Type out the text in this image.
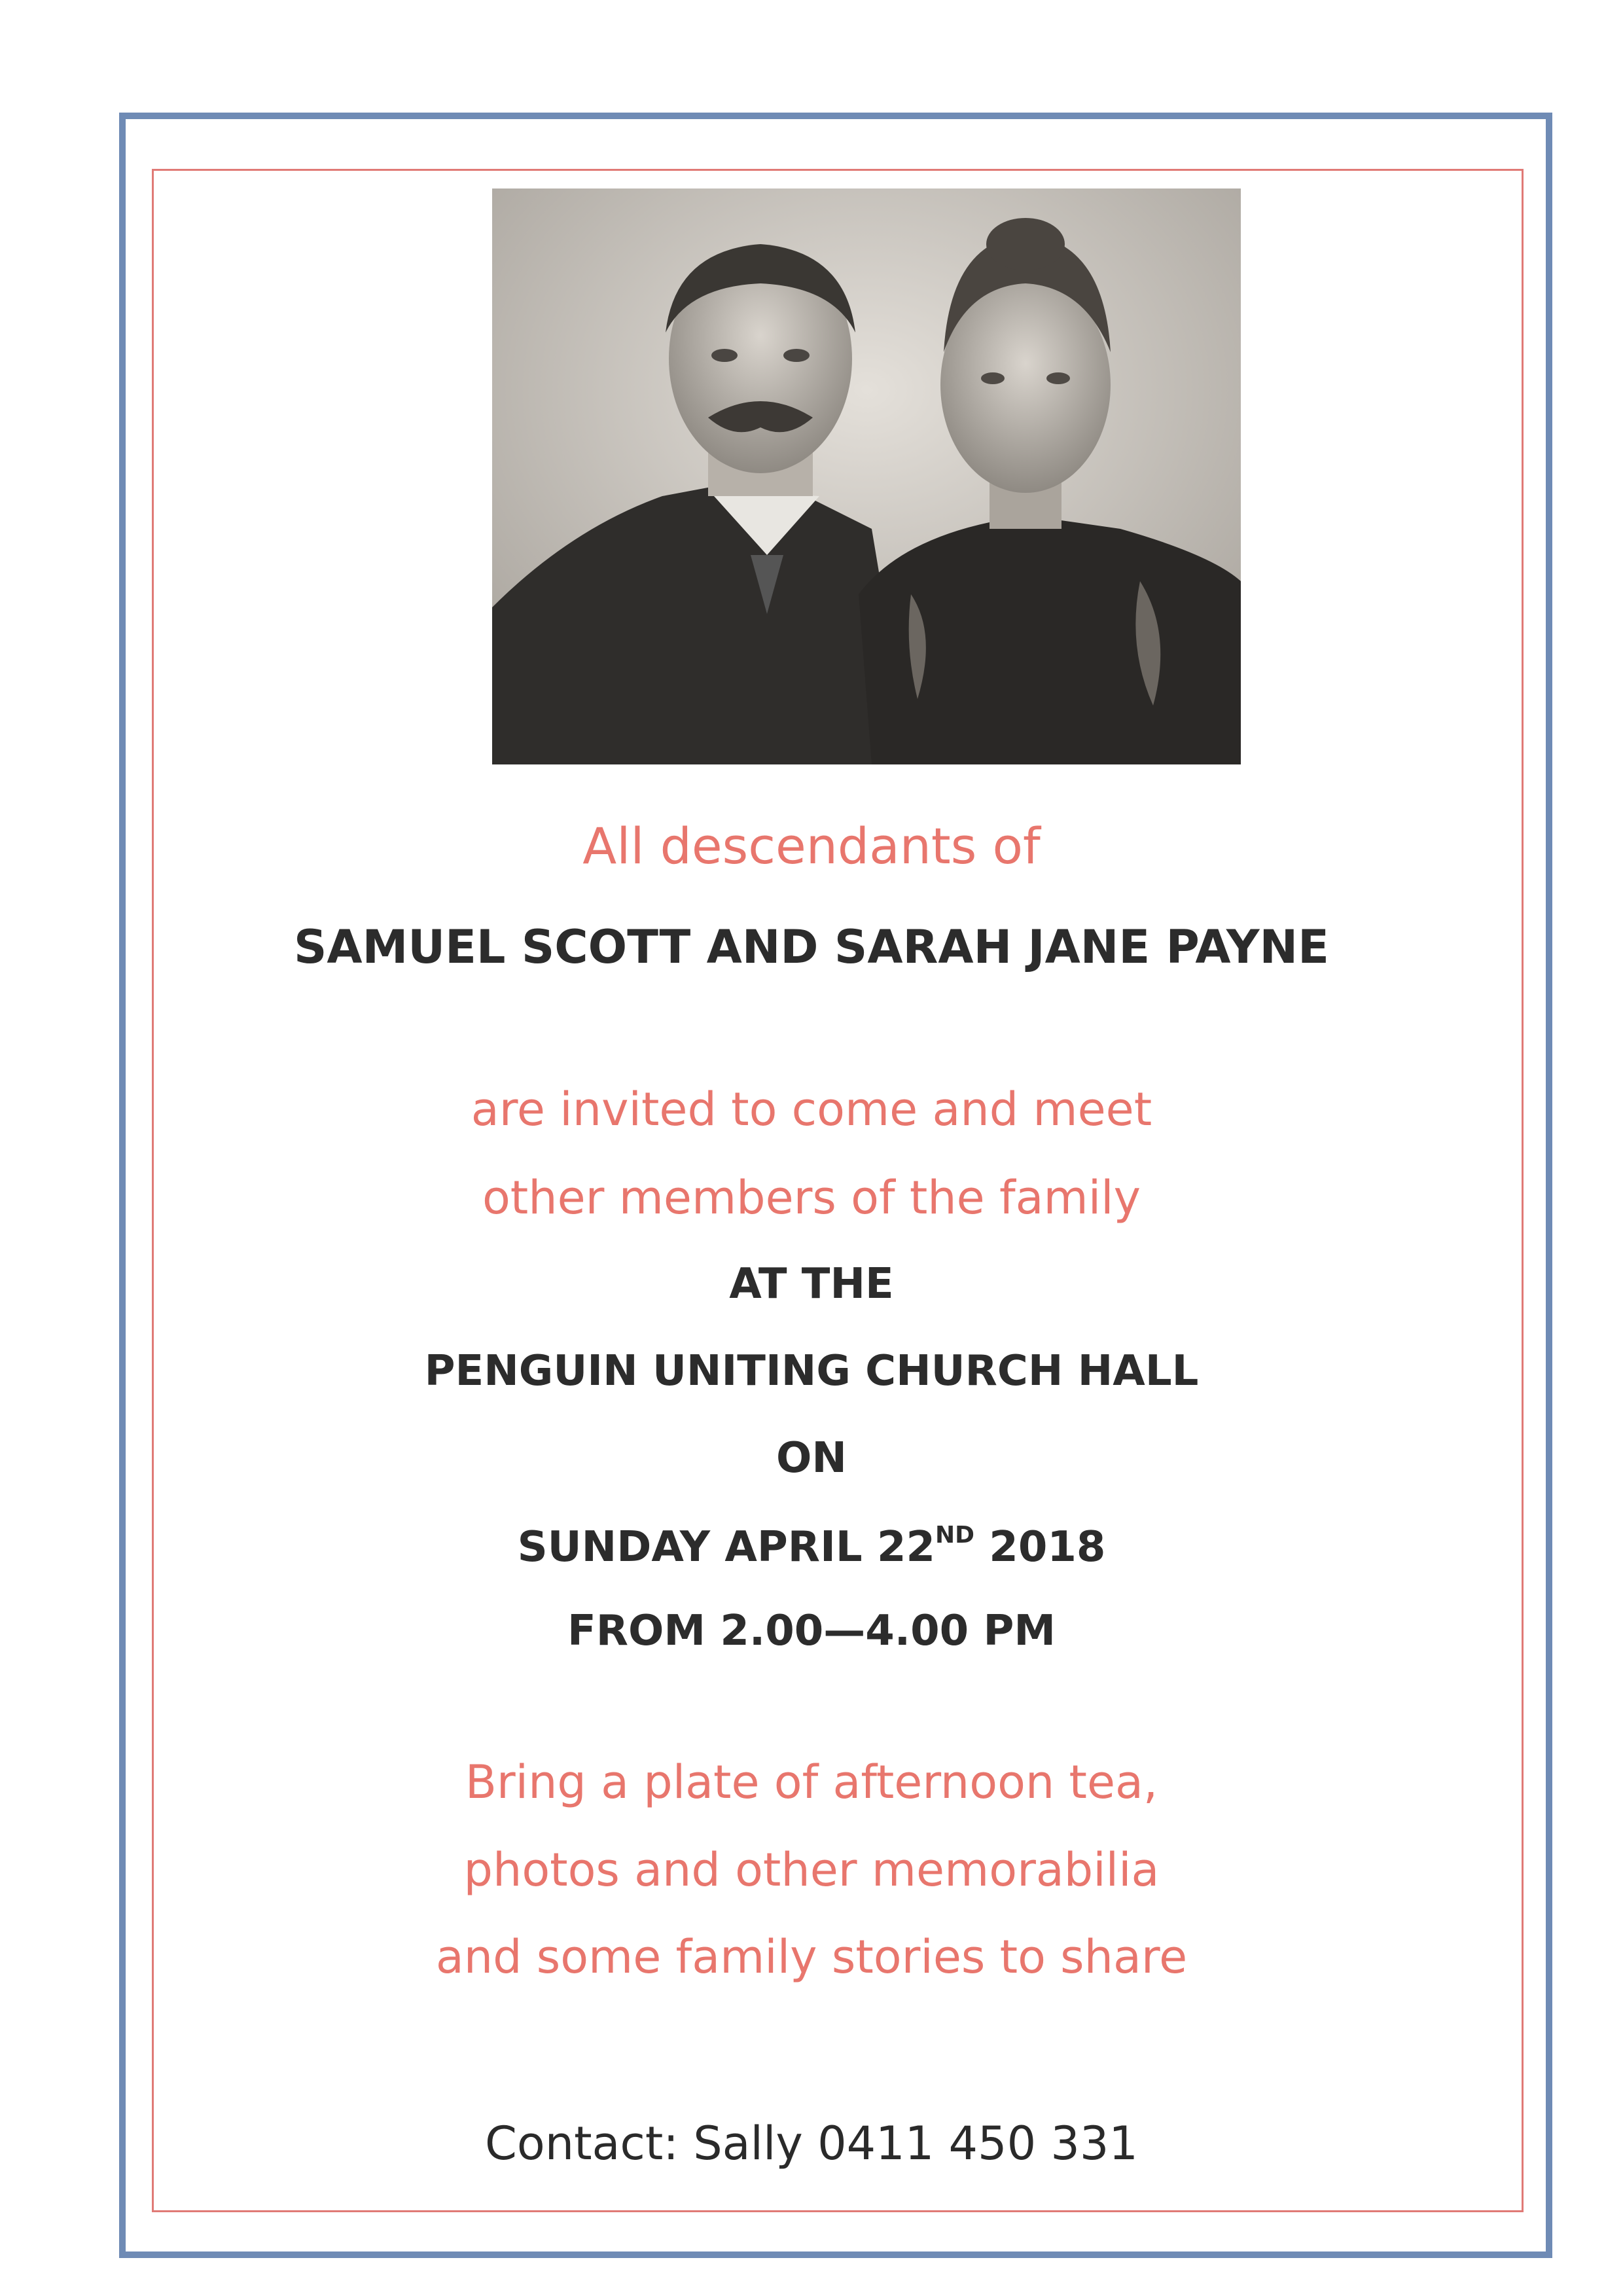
All descendants of
SAMUEL SCOTT AND SARAH JANE PAYNE
are invited to come and meet
other members of the family
AT THE
PENGUIN UNITING CHURCH HALL
ON
SUNDAY APRIL 22ND 2018
FROM 2.00—4.00 PM
Bring a plate of afternoon tea,
photos and other memorabilia
and some family stories to share
Contact: Sally 0411 450 331
